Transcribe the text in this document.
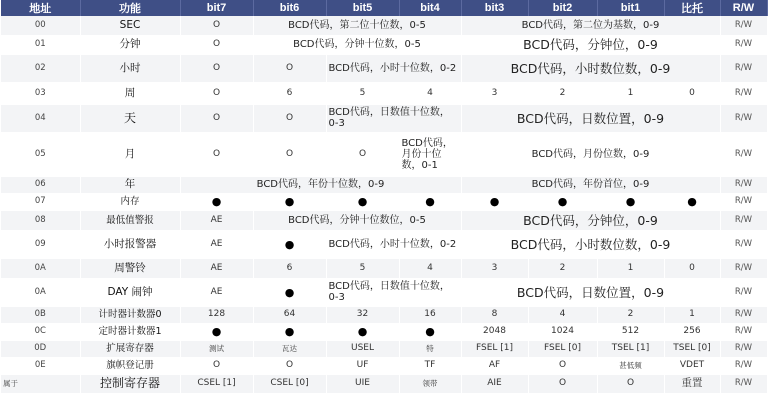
地址	功能	bit7	bit6	bit5	bit4	bit3	bit2	bit1	比托	R/W
00	SEC	O	BCD代码，第二位十位数，0-5			BCD代码，第二位为基数，0-9				R/W
01	分钟	O	BCD代码，分钟十位数，0-5			BCD代码，分钟位，0-9				R/W
02	小时	O	O	BCD代码，小时十位数，0-2		BCD代码，小时数位数，0-9				R/W
03	周	O	6	5	4	3	2	1	0	R/W
04	天	O	O	BCD代码，日数值十位数，0-3		BCD代码，日数位置，0-9				R/W
05	月	O	O	O	BCD代码，月份十位数，0-1	BCD代码，月份位数，0-9				R/W
06	年	BCD代码，年份十位数，0-9				BCD代码，年份首位，0-9				R/W
07	内存	●	●	●	●	●	●	●	●	R/W
08	最低值警报	AE	BCD代码，分钟十位数位，0-5			BCD代码，分钟位，0-9				R/W
09	小时报警器	AE	●	BCD代码，小时十位数，0-2		BCD代码，小时数位数，0-9				R/W
0A	周警铃	AE	6	5	4	3	2	1	0	R/W
0A	DAY 闹钟	AE	●	BCD代码，日数值十位数，0-3		BCD代码，日数位置，0-9				R/W
0B	计时器计数器0	128	64	32	16	8	4	2	1	R/W
0C	定时器计数器1	●	●	●	●	2048	1024	512	256	R/W
0D	扩展寄存器	测试	瓦达	USEL	特	FSEL [1]	FSEL [0]	TSEL [1]	TSEL [0]	R/W
0E	旗帜登记册	O	O	UF	TF	AF	O	甚低频	VDET	R/W
属于	控制寄存器	CSEL [1]	CSEL [0]	UIE	领带	AIE	O	O	重置	R/W
